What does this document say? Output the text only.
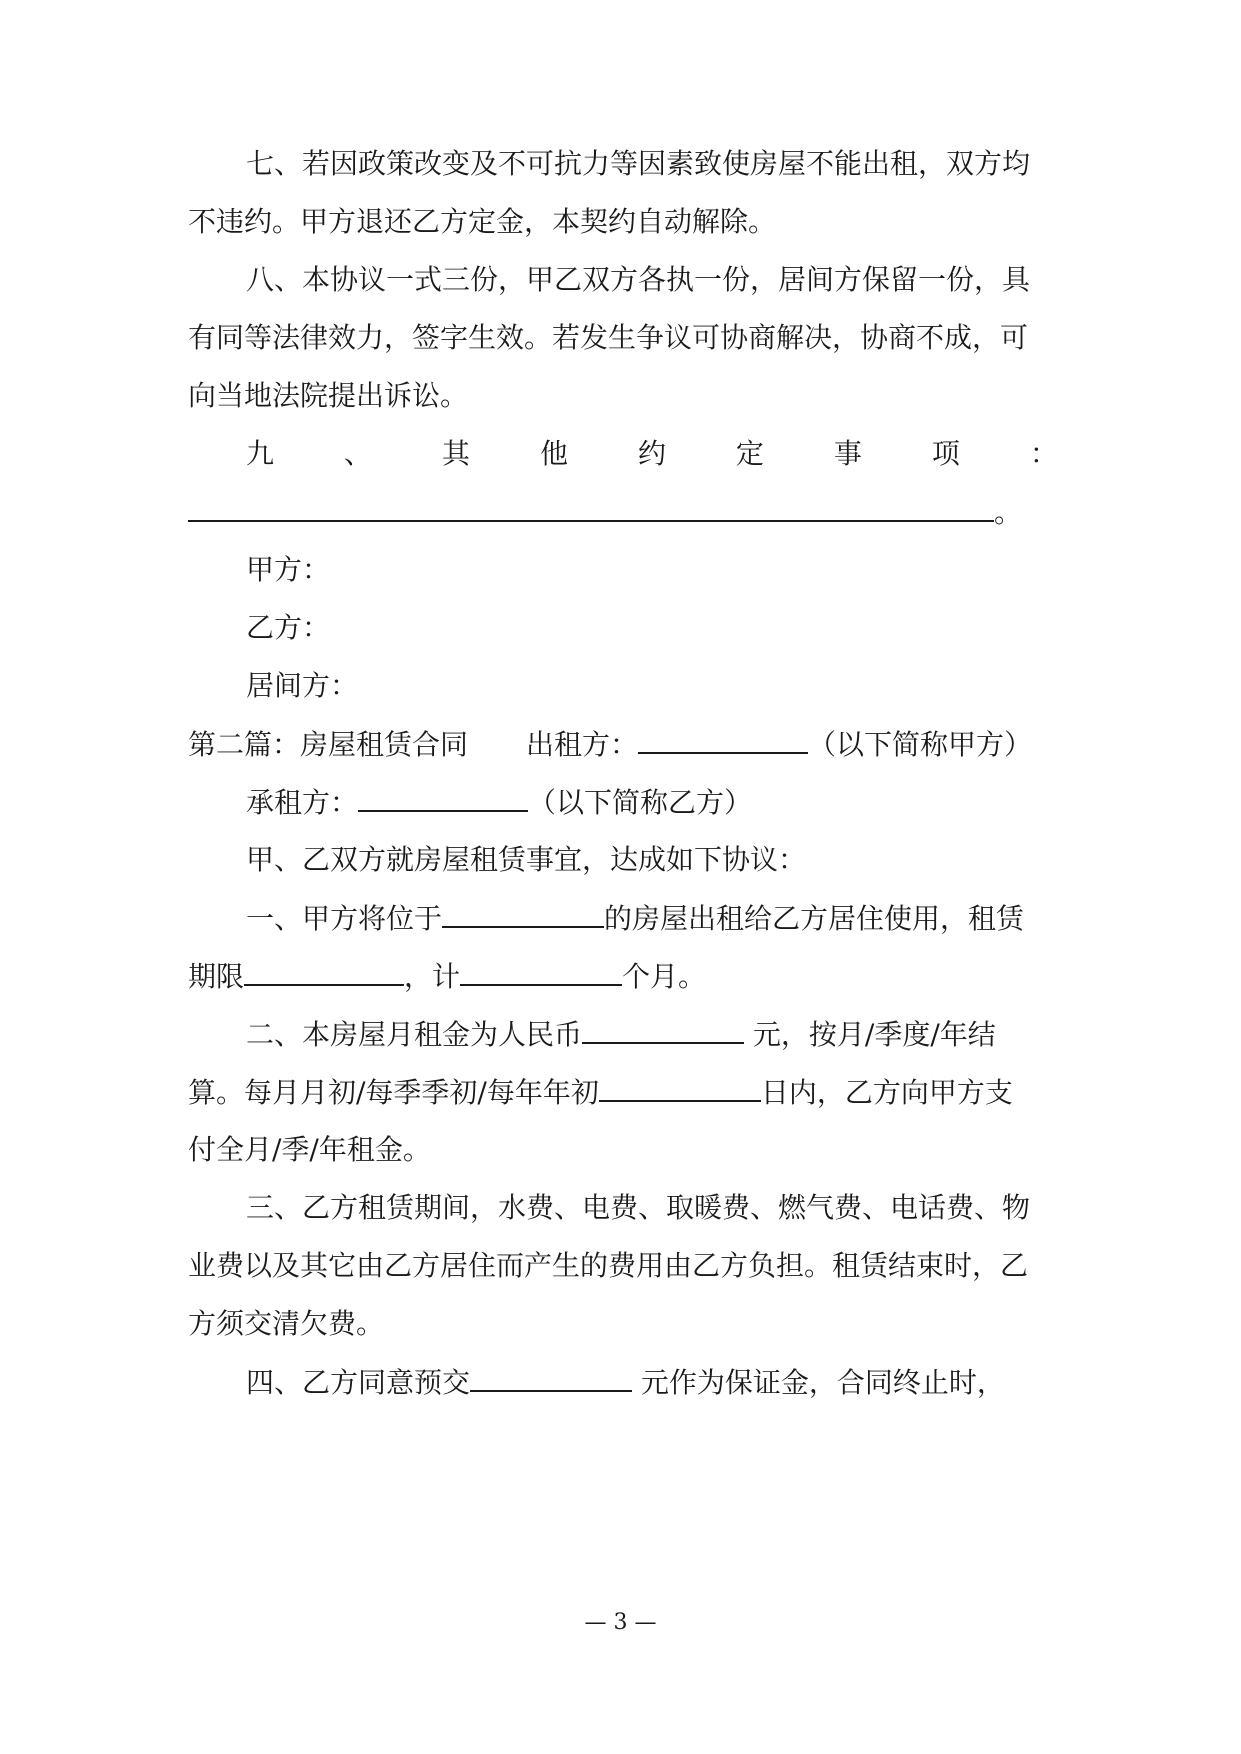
七、若因政策改变及不可抗力等因素致使房屋不能出租，双方均
不违约。甲方退还乙方定金，本契约自动解除。
八、本协议一式三份，甲乙双方各执一份，居间方保留一份，具
有同等法律效力，签字生效。若发生争议可协商解决，协商不成，可
向当地法院提出诉讼。
九 、 其 他 约 定 事 项 ：
。
甲方：
乙方：
居间方：
第二篇：房屋租赁合同 出租方：	（以下简称甲方）
承租方：	（以下简称乙方）
甲、乙双方就房屋租赁事宜，达成如下协议：
一、甲方将位于	的房屋出租给乙方居住使用，租赁
期限	，计	个月。
二、本房屋月租金为人民币	元，按月/季度/年结
算。每月月初/每季季初/每年年初	日内，乙方向甲方支
付全月/季/年租金。
三、乙方租赁期间，水费、电费、取暖费、燃气费、电话费、物
业费以及其它由乙方居住而产生的费用由乙方负担。租赁结束时，乙
方须交清欠费。
四、乙方同意预交	元作为保证金，合同终止时，
— 3 —
